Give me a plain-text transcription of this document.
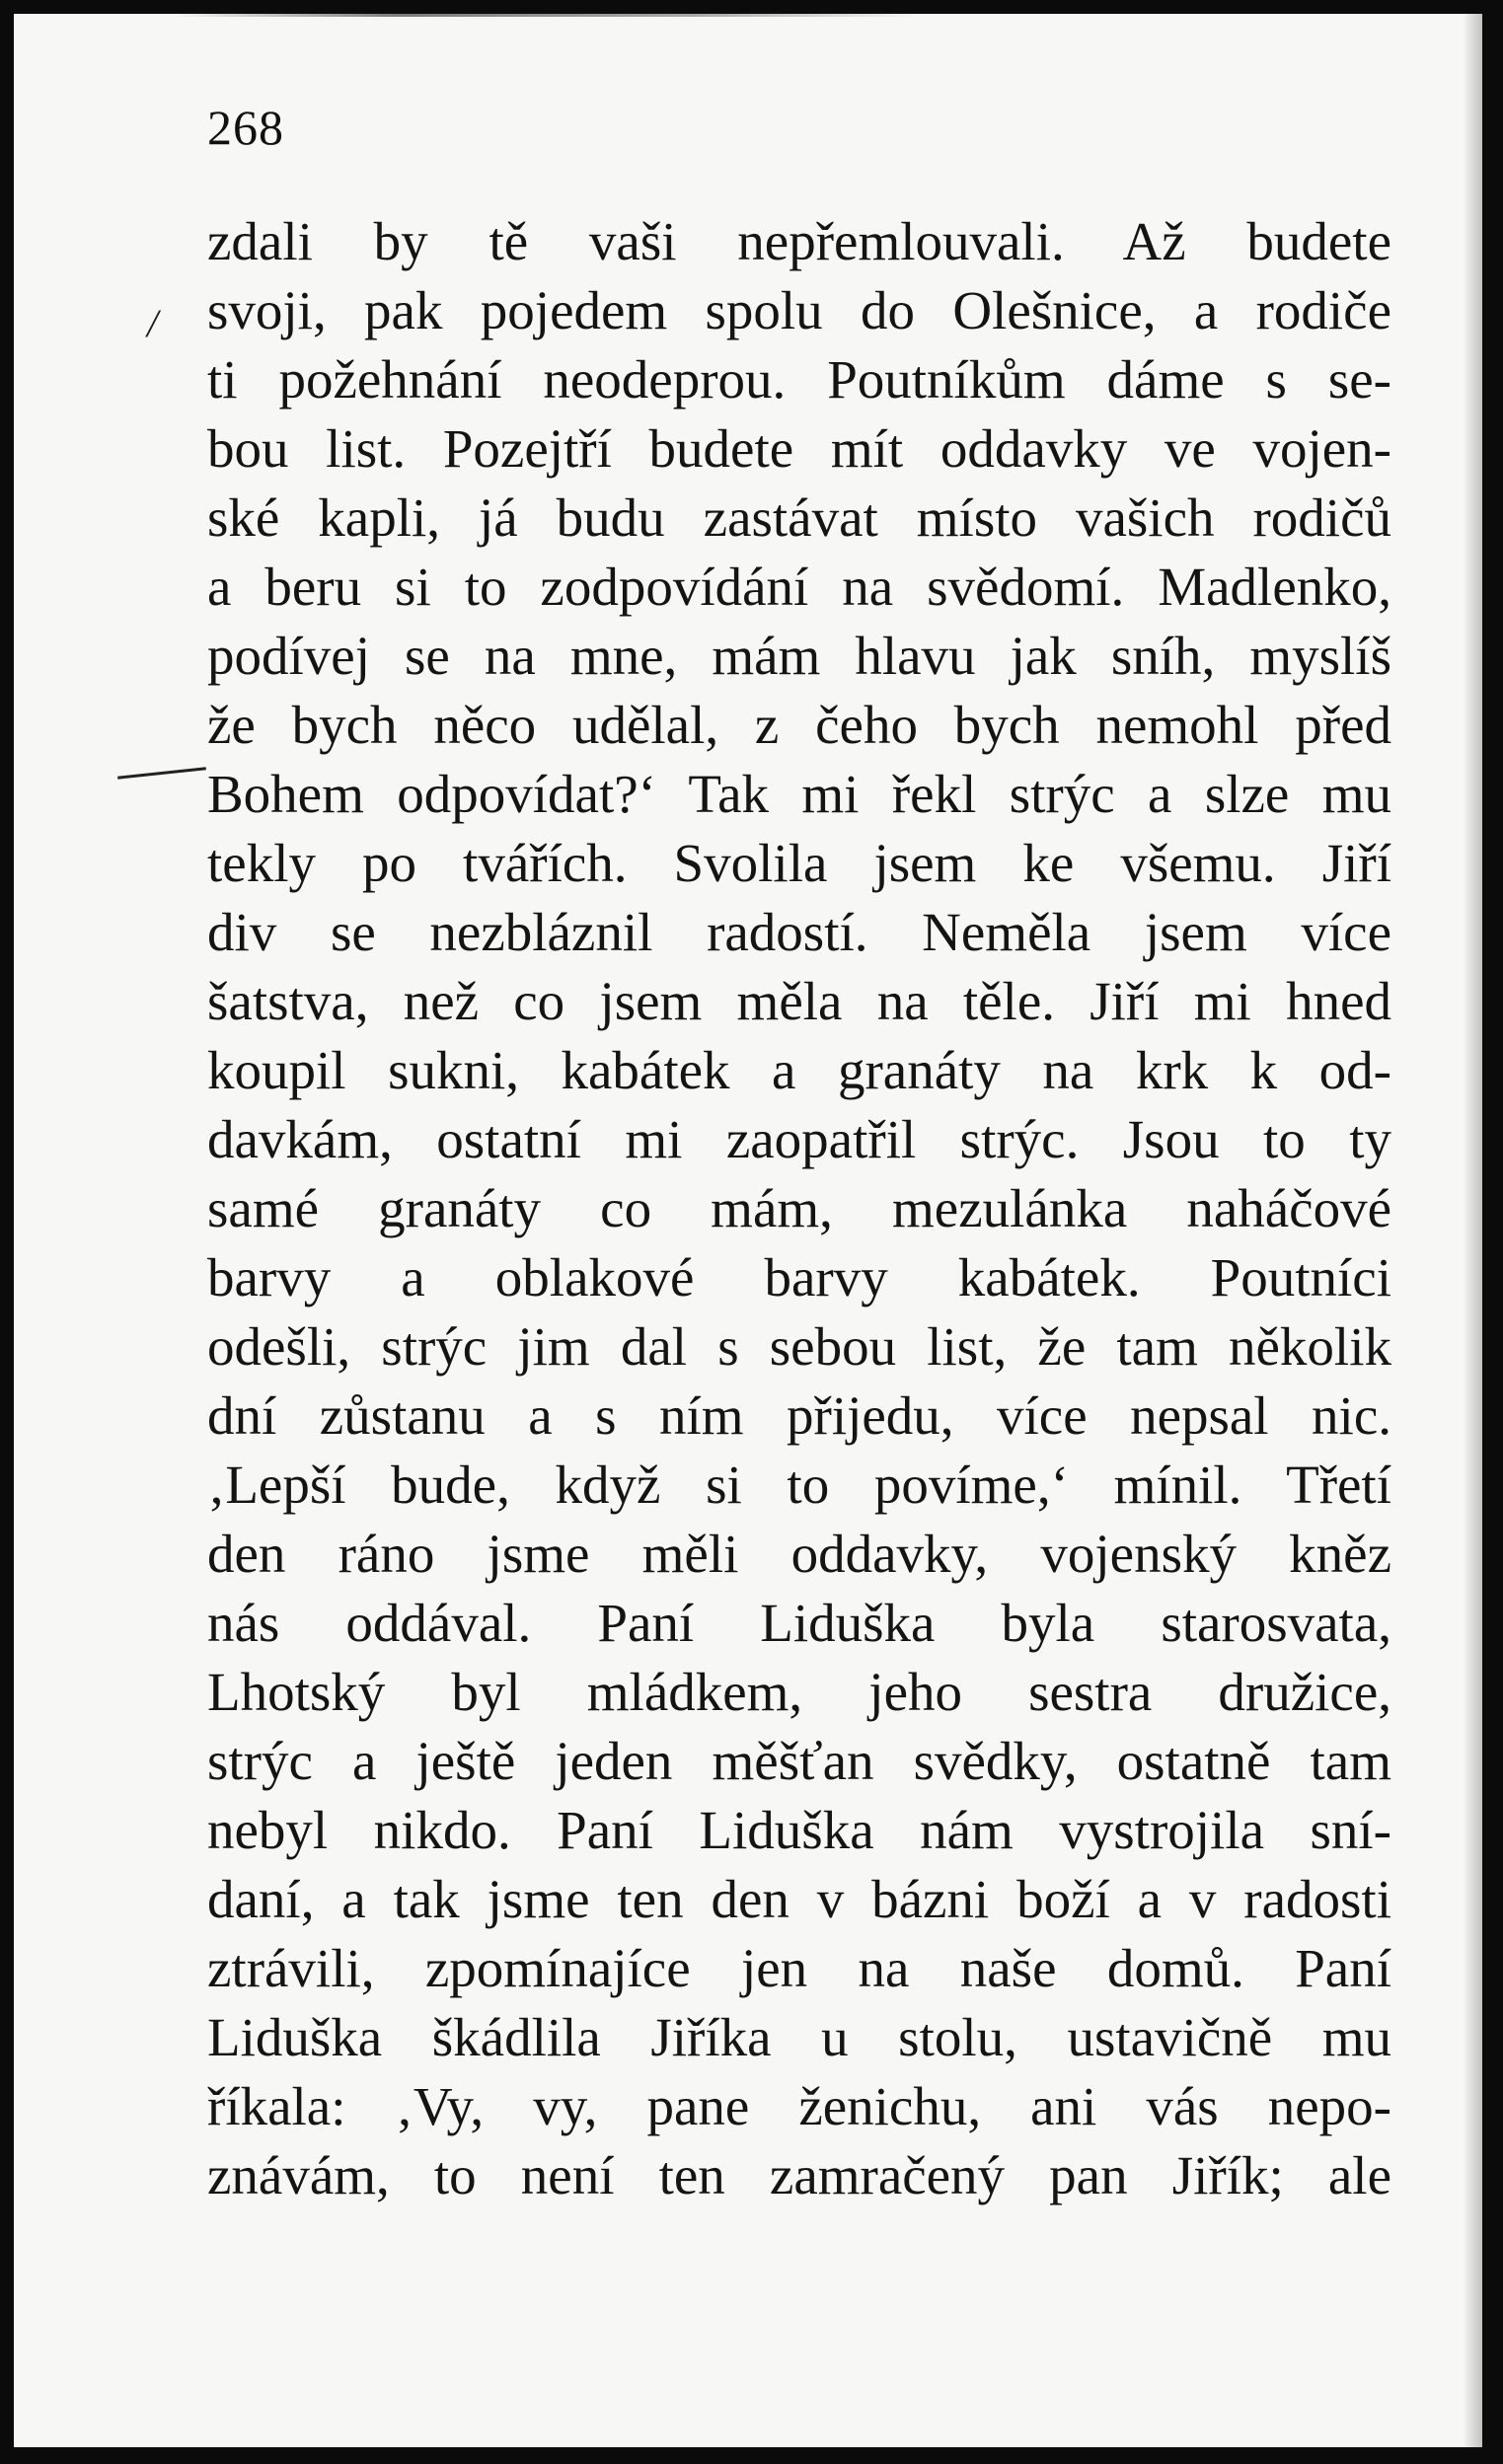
268
/
zdali by tě vaši nepřemlouvali. Až budete
svoji, pak pojedem spolu do Olešnice, a rodiče
ti požehnání neodeprou. Poutníkům dáme s se-
bou list. Pozejtří budete mít oddavky ve vojen-
ské kapli, já budu zastávat místo vašich rodičů
a beru si to zodpovídání na svědomí. Madlenko,
podívej se na mne, mám hlavu jak sníh, myslíš
že bych něco udělal, z čeho bych nemohl před
Bohem odpovídat?‘ Tak mi řekl strýc a slze mu
tekly po tvářích. Svolila jsem ke všemu. Jiří
div se nezbláznil radostí. Neměla jsem více
šatstva, než co jsem měla na těle. Jiří mi hned
koupil sukni, kabátek a granáty na krk k od-
davkám, ostatní mi zaopatřil strýc. Jsou to ty
samé granáty co mám, mezulánka naháčové
barvy a oblakové barvy kabátek. Poutníci
odešli, strýc jim dal s sebou list, že tam několik
dní zůstanu a s ním přijedu, více nepsal nic.
‚Lepší bude, když si to povíme,‘ mínil. Třetí
den ráno jsme měli oddavky, vojenský kněz
nás oddával. Paní Liduška byla starosvata,
Lhotský byl mládkem, jeho sestra družice,
strýc a ještě jeden měšťan svědky, ostatně tam
nebyl nikdo. Paní Liduška nám vystrojila sní-
daní, a tak jsme ten den v bázni boží a v radosti
ztrávili, zpomínajíce jen na naše domů. Paní
Liduška škádlila Jiříka u stolu, ustavičně mu
říkala: ‚Vy, vy, pane ženichu, ani vás nepo-
znávám, to není ten zamračený pan Jiřík; ale
